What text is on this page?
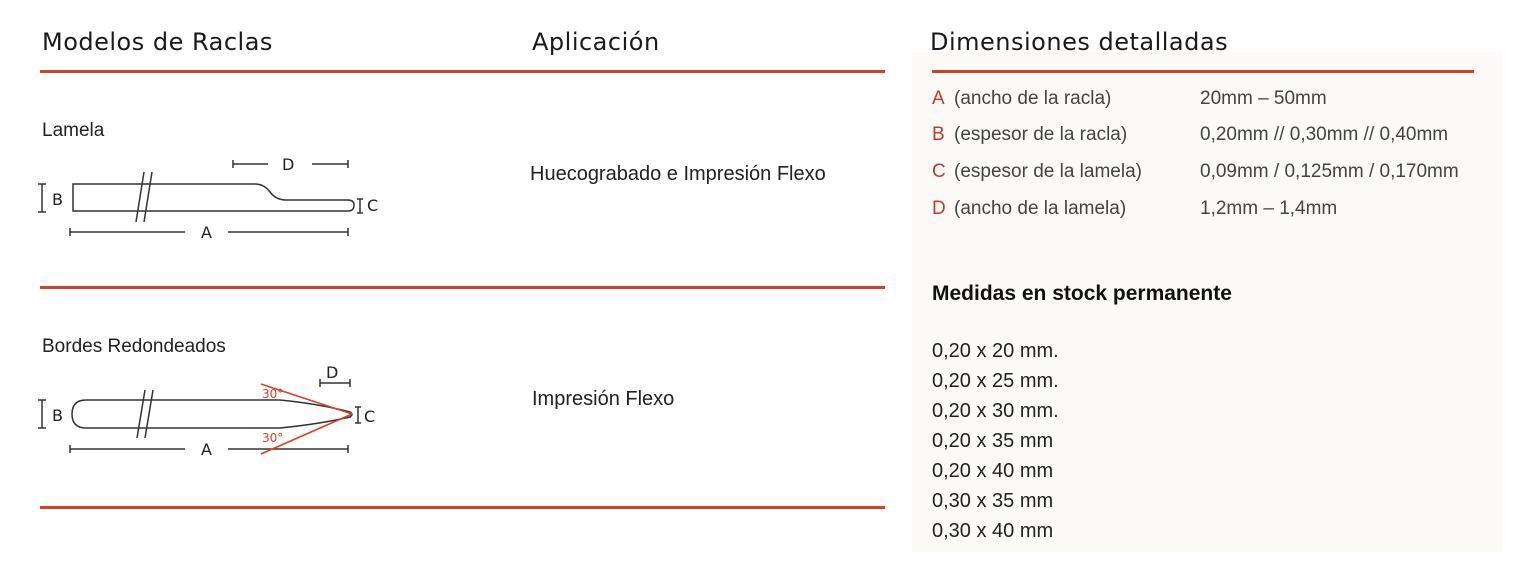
Modelos de Raclas	Aplicación	Dimensiones detalladas
Lamela
Huecograbado e Impresión Flexo
B
D
C
A
Bordes Redondeados
Impresión Flexo
B
D
C
A
30°
30°
A (ancho de la racla)	20mm – 50mm
B (espesor de la racla)	0,20mm // 0,30mm // 0,40mm
C (espesor de la lamela)	0,09mm / 0,125mm / 0,170mm
D (ancho de la lamela)	1,2mm – 1,4mm
Medidas en stock permanente
0,20 x 20 mm.
0,20 x 25 mm.
0,20 x 30 mm.
0,20 x 35 mm
0,20 x 40 mm
0,30 x 35 mm
0,30 x 40 mm
